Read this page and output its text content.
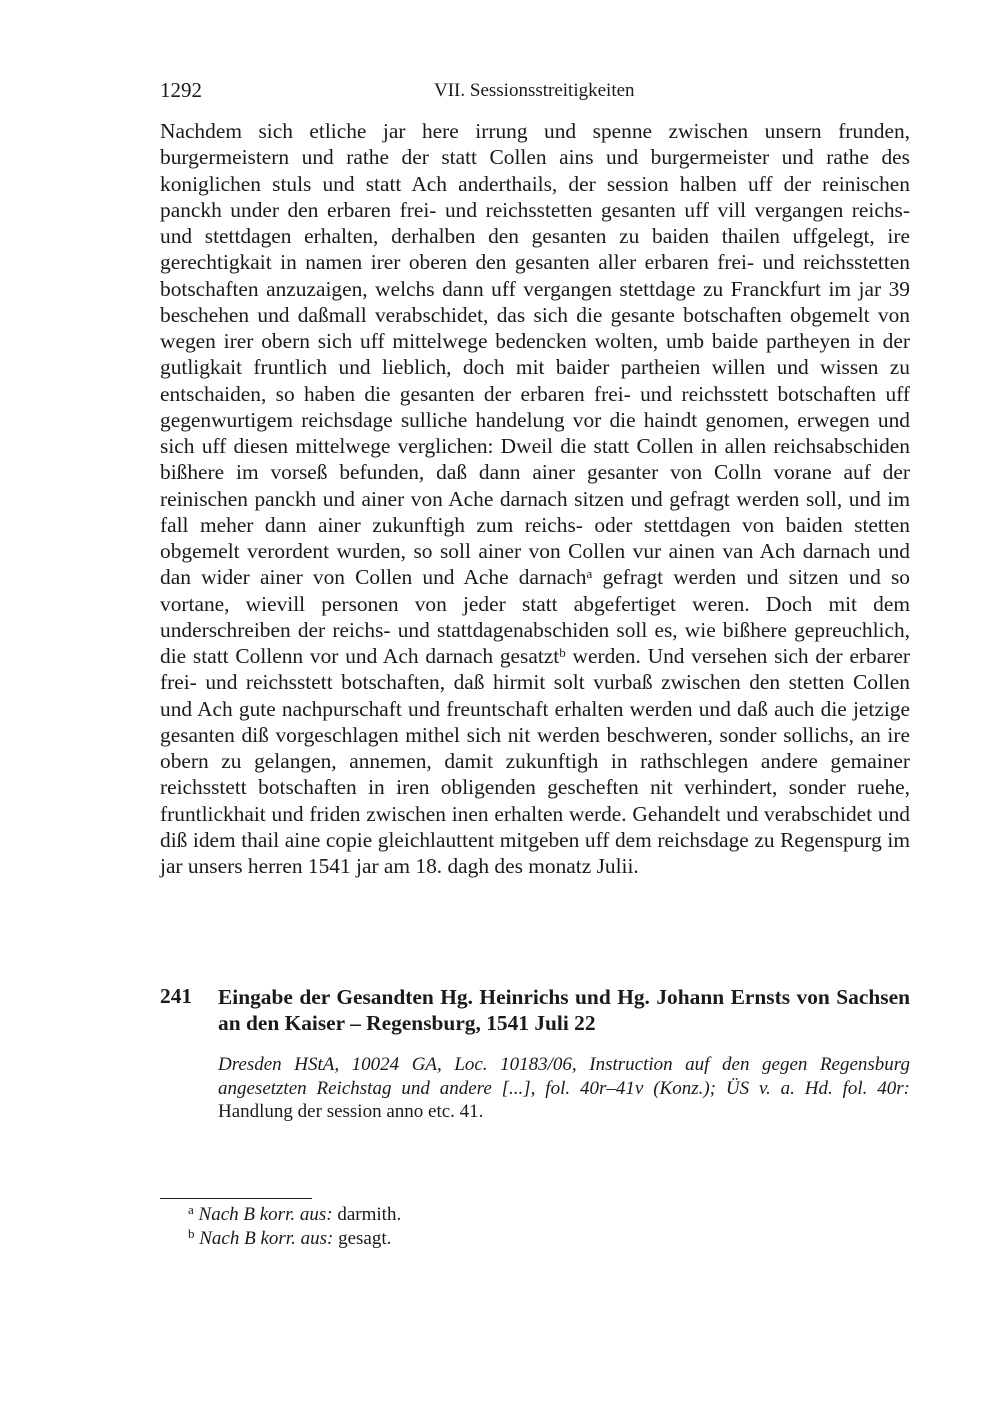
1292	VII. Sessionsstreitigkeiten

Nachdem sich etliche jar here irrung und spenne zwischen unsern frunden, burgermeistern und rathe der statt Collen ains und burgermeister und rathe des koniglichen stuls und statt Ach anderthails, der session halben uff der reinischen panckh under den erbaren frei- und reichsstetten gesanten uff vill vergangen reichs- und stettdagen erhalten, derhalben den gesanten zu baiden thailen uffgelegt, ire gerechtigkait in namen irer oberen den gesanten aller erbaren frei- und reichsstetten botschaften anzuzaigen, welchs dann uff vergangen stettdage zu Franckfurt im jar 39 beschehen und daßmall verabschidet, das sich die gesante botschaften obgemelt von wegen irer obern sich uff mittelwege bedencken wolten, umb baide partheyen in der gutligkait fruntlich und lieblich, doch mit baider partheien willen und wissen zu entschaiden, so haben die gesanten der erbaren frei- und reichsstett botschaften uff gegenwurtigem reichsdage sulliche handelung vor die haindt genomen, erwegen und sich uff diesen mittelwege verglichen: Dweil die statt Collen in allen reichsabschiden bißhere im vorseß befunden, daß dann ainer gesanter von Colln vorane auf der reinischen panckh und ainer von Ache darnach sitzen und gefragt werden soll, und im fall meher dann ainer zukunftigh zum reichs- oder stettdagen von baiden stetten obgemelt verordent wurden, so soll ainer von Collen vur ainen van Ach darnach und dan wider ainer von Collen und Ache darnach$^a$ gefragt werden und sitzen und so vortane, wievill personen von jeder statt abgefertiget weren. Doch mit dem underschreiben der reichs- und stattdagenabschiden soll es, wie bißhere gepreuchlich, die statt Collenn vor und Ach darnach gesatzt$^b$ werden. Und versehen sich der erbarer frei- und reichsstett botschaften, daß hirmit solt vurbaß zwischen den stetten Collen und Ach gute nachpurschaft und freuntschaft erhalten werden und daß auch die jetzige gesanten diß vorgeschlagen mithel sich nit werden beschweren, sonder sollichs, an ire obern zu gelangen, annemen, damit zukunftigh in rathschlegen andere gemainer reichsstett botschaften in iren obligenden gescheften nit verhindert, sonder ruehe, fruntlickhait und friden zwischen inen erhalten werde. Gehandelt und verabschidet und diß idem thail aine copie gleichlauttent mitgeben uff dem reichsdage zu Regenspurg im jar unsers herren 1541 jar am 18. dagh des monatz Julii.

241 Eingabe der Gesandten Hg. Heinrichs und Hg. Johann Ernsts von Sachsen an den Kaiser – Regensburg, 1541 Juli 22
Dresden HStA, 10024 GA, Loc. 10183/06, Instruction auf den gegen Regensburg angesetzten Reichstag und andere [...], fol. 40r–41v (Konz.); ÜS v. a. Hd. fol. 40r: Handlung der session anno etc. 41.

$^a$ Nach B korr. aus: darmith.

$^b$ Nach B korr. aus: gesagt.
